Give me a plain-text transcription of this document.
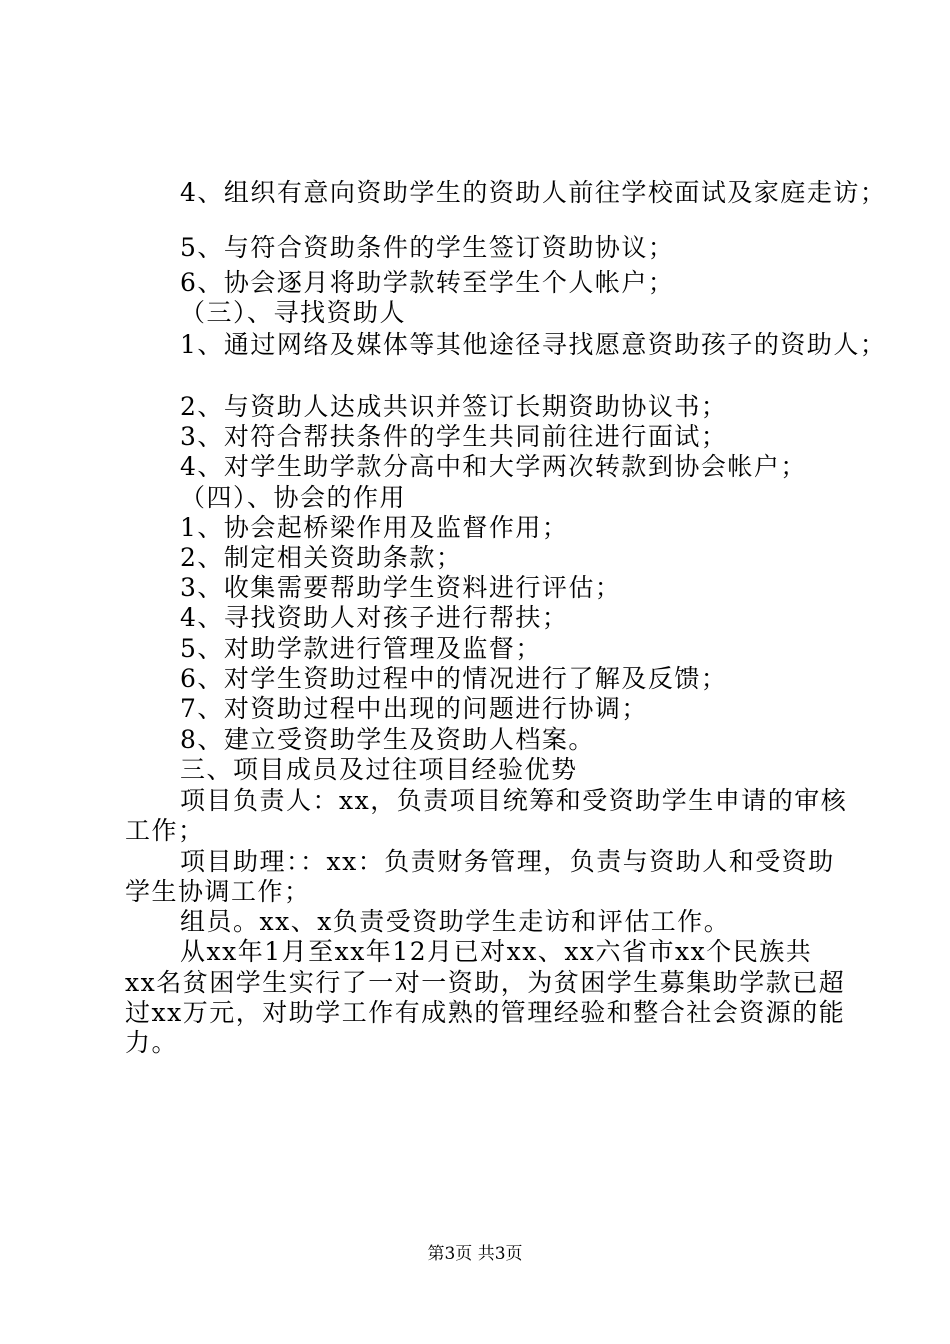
4、组织有意向资助学生的资助人前往学校面试及家庭走访；
5、与符合资助条件的学生签订资助协议；
6、协会逐月将助学款转至学生个人帐户；
（三）、寻找资助人
1、通过网络及媒体等其他途径寻找愿意资助孩子的资助人；
2、与资助人达成共识并签订长期资助协议书；
3、对符合帮扶条件的学生共同前往进行面试；
4、对学生助学款分高中和大学两次转款到协会帐户；
（四）、协会的作用
1、协会起桥梁作用及监督作用；
2、制定相关资助条款；
3、收集需要帮助学生资料进行评估；
4、寻找资助人对孩子进行帮扶；
5、对助学款进行管理及监督；
6、对学生资助过程中的情况进行了解及反馈；
7、对资助过程中出现的问题进行协调；
8、建立受资助学生及资助人档案。
三、项目成员及过往项目经验优势
项目负责人：xx，负责项目统筹和受资助学生申请的审核
工作；
项目助理：：xx：负责财务管理，负责与资助人和受资助
学生协调工作；
组员。xx、x负责受资助学生走访和评估工作。
从xx年1月至xx年12月已对xx、xx六省市xx个民族共
xx名贫困学生实行了一对一资助，为贫困学生募集助学款已超
过xx万元，对助学工作有成熟的管理经验和整合社会资源的能
力。
第3页 共3页
